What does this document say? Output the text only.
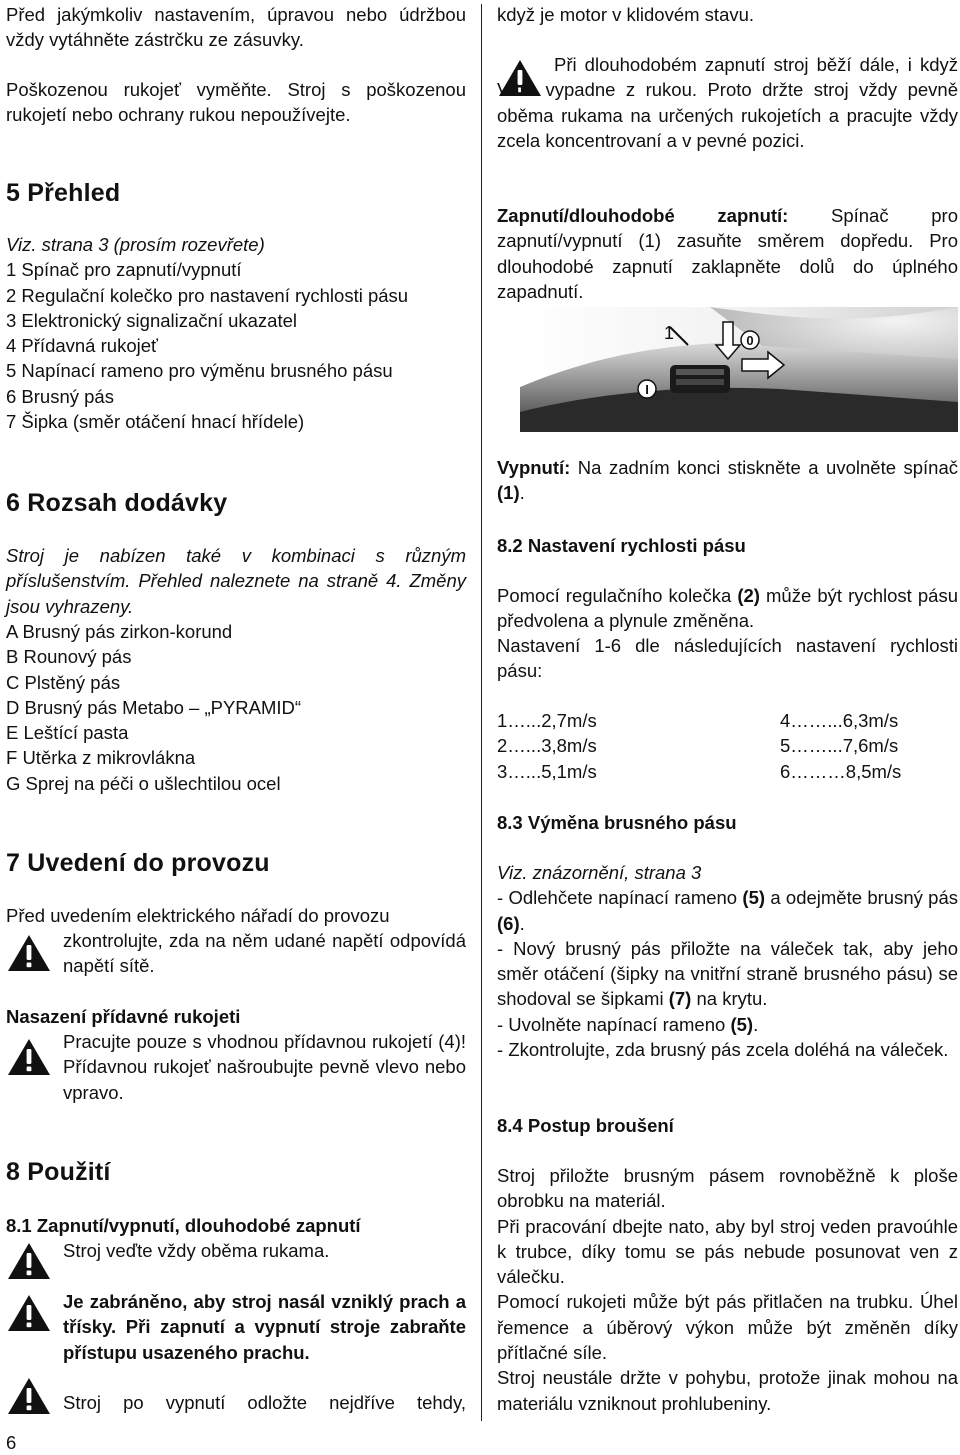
Před jakýmkoliv nastavením, úpravou nebo údržbou vždy vytáhněte zástrčku ze zásuvky.

Poškozenou rukojeť vyměňte. Stroj s poškozenou rukojetí nebo ochrany rukou nepoužívejte.

5 Přehled
Viz. strana 3 (prosím rozevřete)
1 Spínač pro zapnutí/vypnutí
2 Regulační kolečko pro nastavení rychlosti pásu
3 Elektronický signalizační ukazatel
4 Přídavná rukojeť
5 Napínací rameno pro výměnu brusného pásu
6 Brusný pás
7 Šipka (směr otáčení hnací hřídele)
6 Rozsah dodávky

Stroj je nabízen také v kombinaci s různým příslušenstvím. Přehled naleznete na straně 4. Změny jsou vyhrazeny.

A Brusný pás zirkon-korund
B Rounový pás
C Plstěný pás
D Brusný pás Metabo – „PYRAMID“
E Leštící pasta
F Utěrka z mikrovlákna
G Sprej na péči o ušlechtilou ocel
7 Uvedení do provozu

Před uvedením elektrického nářadí do provozu

zkontrolujte, zda na něm udané napětí odpovídá napětí sítě.

Nasazení přídavné rukojeti

Pracujte pouze s vhodnou přídavnou rukojetí (4)! Přídavnou rukojeť našroubujte pevně vlevo nebo vpravo.

8 Použití
8.1 Zapnutí/vypnutí, dlouhodobé zapnutí

Stroj veďte vždy oběma rukama.

Je zabráněno, aby stroj nasál vzniklý prach a třísky. Při zapnutí a vypnutí stroje zabraňte přístupu usazeného prachu.

Stroj po vypnutí odložte nejdříve tehdy,

6

když je motor v klidovém stavu.

Při dlouhodobém zapnutí stroj běží dále, i když Vám vypadne z rukou. Proto držte stroj vždy pevně oběma rukama na určených rukojetích a pracujte vždy zcela koncentrovaní a v pevné pozici.

Zapnutí/dlouhodobé zapnutí: Spínač pro zapnutí/vypnutí (1) zasuňte směrem dopředu. Pro dlouhodobé zapnutí zaklapněte dolů do úplného zapadnutí.

Vypnutí: Na zadním konci stiskněte a uvolněte spínač (1).

8.2 Nastavení rychlosti pásu

Pomocí regulačního kolečka (2) může být rychlost pásu předvolena a plynule změněna.

Nastavení 1-6 dle následujících nastavení rychlosti pásu:

1…...2,7m/s	4……...6,3m/s
2…...3,8m/s	5……...7,6m/s
3…...5,1m/s	6………8,5m/s
8.3 Výměna brusného pásu

Viz. znázornění, strana 3

- Odlehčete napínací rameno (5) a odejměte brusný pás (6).

- Nový brusný pás přiložte na váleček tak, aby jeho směr otáčení (šipky na vnitřní straně brusného pásu) se shodoval se šipkami (7) na krytu.

- Uvolněte napínací rameno (5).

- Zkontrolujte, zda brusný pás zcela doléhá na váleček.

8.4 Postup broušení

Stroj přiložte brusným pásem rovnoběžně k ploše obrobku na materiál.

Při pracování dbejte nato, aby byl stroj veden pravoúhle k trubce, díky tomu se pás nebude posunovat ven z válečku.

Pomocí rukojeti může být pás přitlačen na trubku. Úhel řemence a úběrový výkon může být změněn díky přítlačné síle.

Stroj neustále držte v pohybu, protože jinak mohou na materiálu vzniknout prohlubeniny.

1	0
I
